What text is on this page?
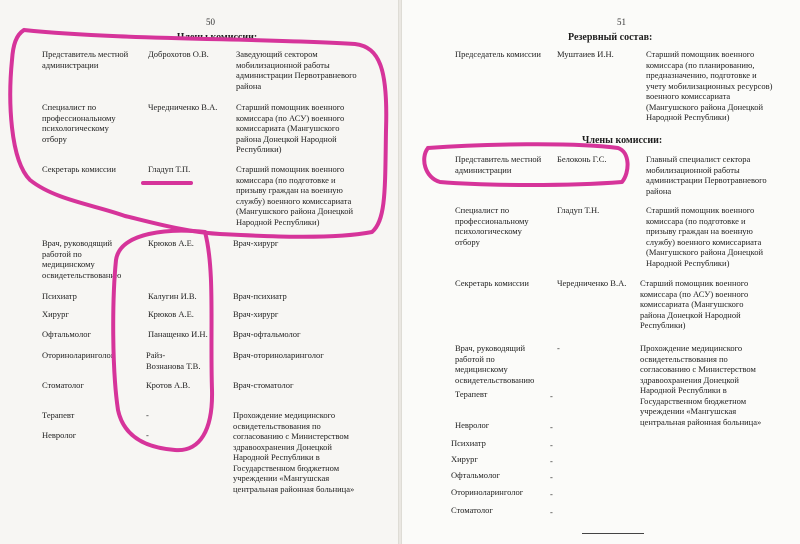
50
Члены комиссии:
Представитель местной
администрации
Доброхотов О.В.	Заведующий сектором
мобилизационной работы
администрации Первотравневого
района
Специалист по
профессиональному
психологическому
отбору
Чередниченко В.А. Старший помощник военного
комиссара (по АСУ) военного
комиссариата (Мангушского
района Донецкой Народной
Республики)
Секретарь комиссии	Гладуп Т.П.	Старший помощник военного
комиссара (по подготовке и
призыву граждан на военную
службу) военного комиссариата
(Мангушского района Донецкой
Народной Республики)
Врач, руководящий
работой по
медицинскому
освидетельствованию
Крюков А.Е.	Врач-хирург
Психиатр	Калугин И.В.	Врач-психиатр
Хирург	Крюков А.Е.	Врач-хирург
Офтальмолог	Панащенко И.Н.	Врач-офтальмолог
Оториноларинголог	Райз-
Вознанова Т.В.
Врач-оториноларинголог
Стоматолог	Кротов А.В.	Врач-стоматолог
Терапевт	-	Прохождение медицинского
освидетельствования по
согласованию с Министерством
здравоохранения Донецкой
Народной Республики в
Государственном бюджетном
учреждении «Мангушская
центральная районная больница»
Невролог	-
51
Резервный состав:
Председатель комиссии Муштаиев И.Н.	Старший помощник военного
комиссара (по планированию,
предназначению, подготовке и
учету мобилизационных ресурсов)
военного комиссариата
(Мангушского района Донецкой
Народной Республики)
Члены комиссии:
Представитель местной
администрации
Белоконь Г.С.	Главный специалист сектора
мобилизационной работы
администрации Первотравневого
района
Специалист по
профессиональному
психологическому
отбору
Гладуп Т.Н.	Старший помощник военного
комиссара (по подготовке и
призыву граждан на военную
службу) военного комиссариата
(Мангушского района Донецкой
Народной Республики)
Секретарь комиссии	Чередниченко В.А. Старший помощник военного
комиссара (по АСУ) военного
комиссариата (Мангушского
района Донецкой Народной
Республики)
Врач, руководящий
работой по
медицинскому
освидетельствованию
-	Прохождение медицинского
освидетельствования по
согласованию с Министерством
здравоохранения Донецкой
Народной Республики в
Государственном бюджетном
учреждении «Мангушская
центральная районная больница»
Терапевт	-
Невролог	-
Психиатр	-
Хирург	-
Офтальмолог	-
Оториноларинголог	-
Стоматолог	-
